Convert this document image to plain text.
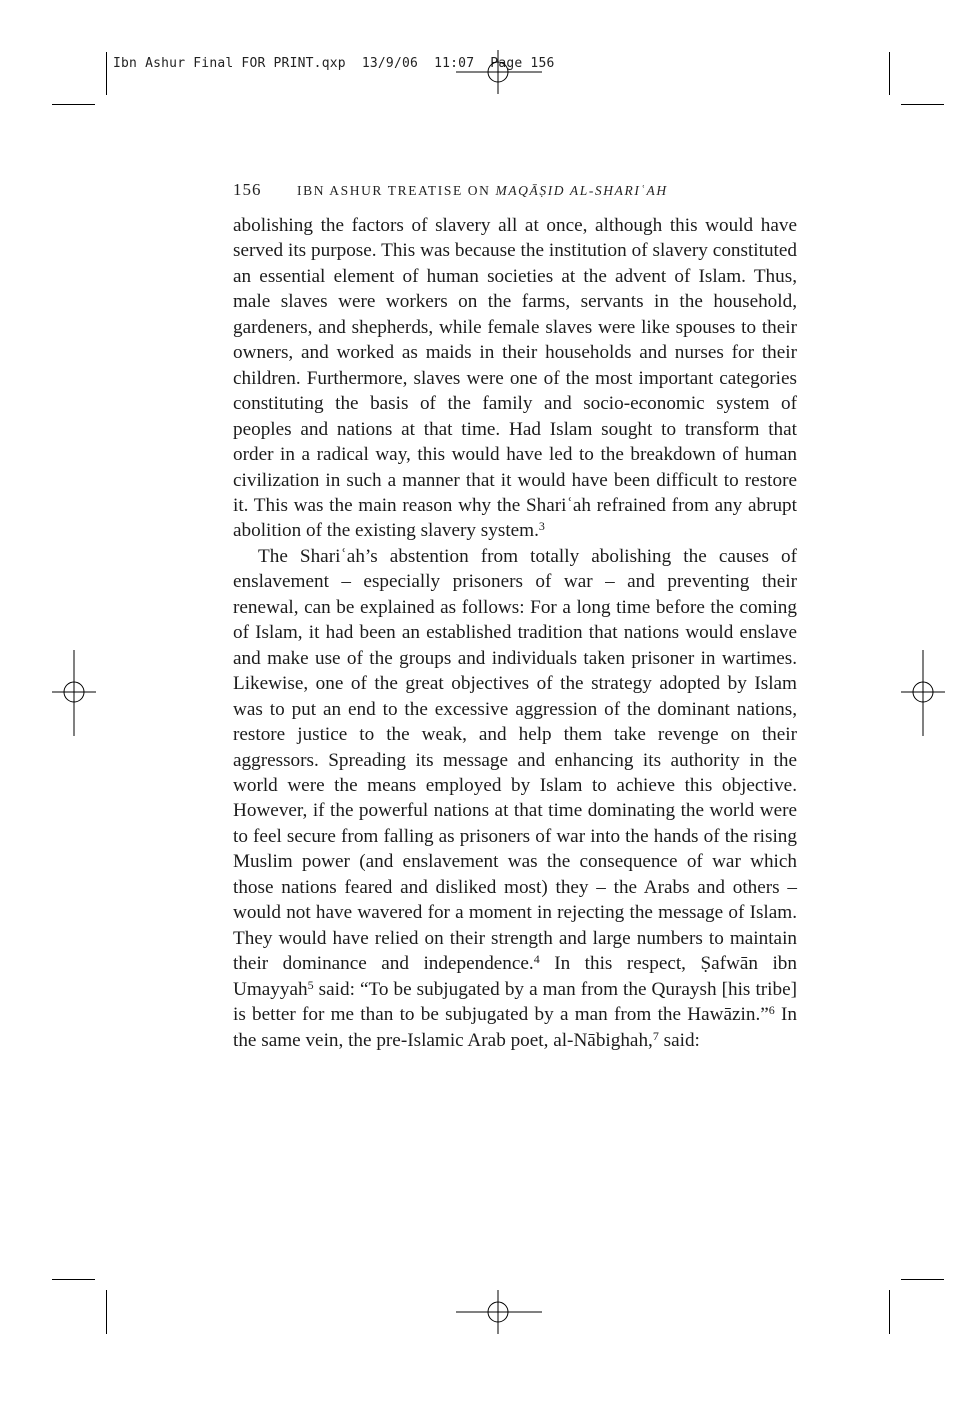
Ibn Ashur Final FOR PRINT.qxp 13/9/06 11:07 Page 156
156	IBN ASHUR TREATISE ON MAQĀṢID AL-SHARIʿAH

abolishing the factors of slavery all at once, although this would have served its purpose. This was because the institution of slavery constituted an essential element of human societies at the advent of Islam. Thus, male slaves were workers on the farms, servants in the household, gardeners, and shepherds, while female slaves were like spouses to their owners, and worked as maids in their households and nurses for their children. Furthermore, slaves were one of the most important categories constituting the basis of the family and socio-economic system of peoples and nations at that time. Had Islam sought to transform that order in a radical way, this would have led to the breakdown of human civilization in such a manner that it would have been difficult to restore it. This was the main reason why the Shariʿah refrained from any abrupt abolition of the existing slavery system.$^3$

The Shariʿah’s abstention from totally abolishing the causes of enslavement – especially prisoners of war – and preventing their renewal, can be explained as follows: For a long time before the coming of Islam, it had been an established tradition that nations would enslave and make use of the groups and individuals taken prisoner in wartimes. Likewise, one of the great objectives of the strategy adopted by Islam was to put an end to the excessive aggression of the dominant nations, restore justice to the weak, and help them take revenge on their aggressors. Spreading its message and enhancing its authority in the world were the means employed by Islam to achieve this objective. However, if the powerful nations at that time dominating the world were to feel secure from falling as prisoners of war into the hands of the rising Muslim power (and enslavement was the consequence of war which those nations feared and disliked most) they – the Arabs and others – would not have wavered for a moment in rejecting the message of Islam. They would have relied on their strength and large numbers to maintain their dominance and independence.$^4$ In this respect, Ṣafwān ibn Umayyah$^5$ said: “To be subjugated by a man from the Quraysh [his tribe] is better for me than to be subjugated by a man from the Hawāzin.”$^6$ In the same vein, the pre-Islamic Arab poet, al-Nābighah,$^7$ said:
